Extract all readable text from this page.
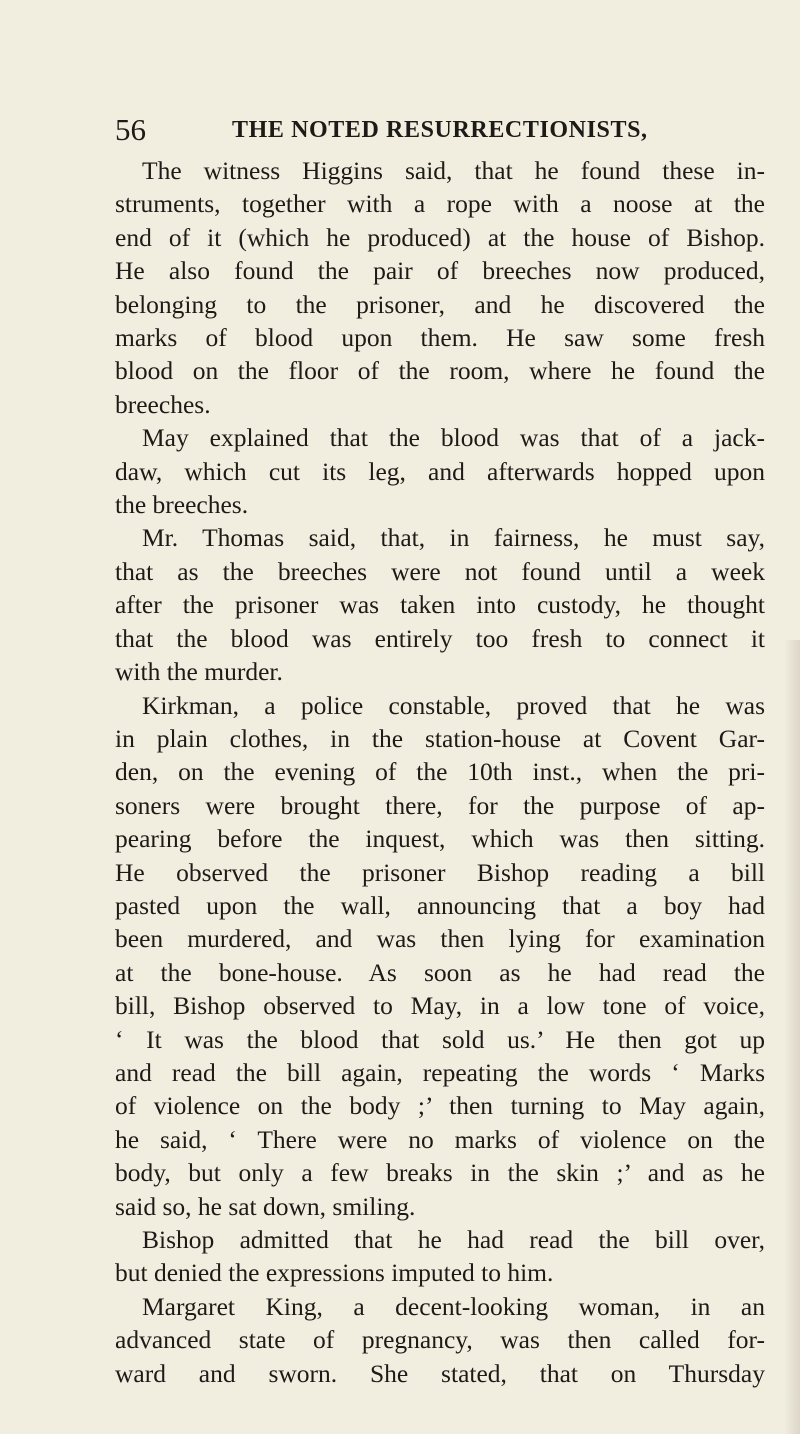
56	THE NOTED RESURRECTIONISTS,
The witness Higgins said, that he found these in-
struments, together with a rope with a noose at the
end of it (which he produced) at the house of Bishop.
He also found the pair of breeches now produced,
belonging to the prisoner, and he discovered the
marks of blood upon them. He saw some fresh
blood on the floor of the room, where he found the
breeches.
May explained that the blood was that of a jack-
daw, which cut its leg, and afterwards hopped upon
the breeches.
Mr. Thomas said, that, in fairness, he must say,
that as the breeches were not found until a week
after the prisoner was taken into custody, he thought
that the blood was entirely too fresh to connect it
with the murder.
Kirkman, a police constable, proved that he was
in plain clothes, in the station-house at Covent Gar-
den, on the evening of the 10th inst., when the pri-
soners were brought there, for the purpose of ap-
pearing before the inquest, which was then sitting.
He observed the prisoner Bishop reading a bill
pasted upon the wall, announcing that a boy had
been murdered, and was then lying for examination
at the bone-house. As soon as he had read the
bill, Bishop observed to May, in a low tone of voice,
‘ It was the blood that sold us.’ He then got up
and read the bill again, repeating the words ‘ Marks
of violence on the body ;’ then turning to May again,
he said, ‘ There were no marks of violence on the
body, but only a few breaks in the skin ;’ and as he
said so, he sat down, smiling.
Bishop admitted that he had read the bill over,
but denied the expressions imputed to him.
Margaret King, a decent-looking woman, in an
advanced state of pregnancy, was then called for-
ward and sworn. She stated, that on Thursday
